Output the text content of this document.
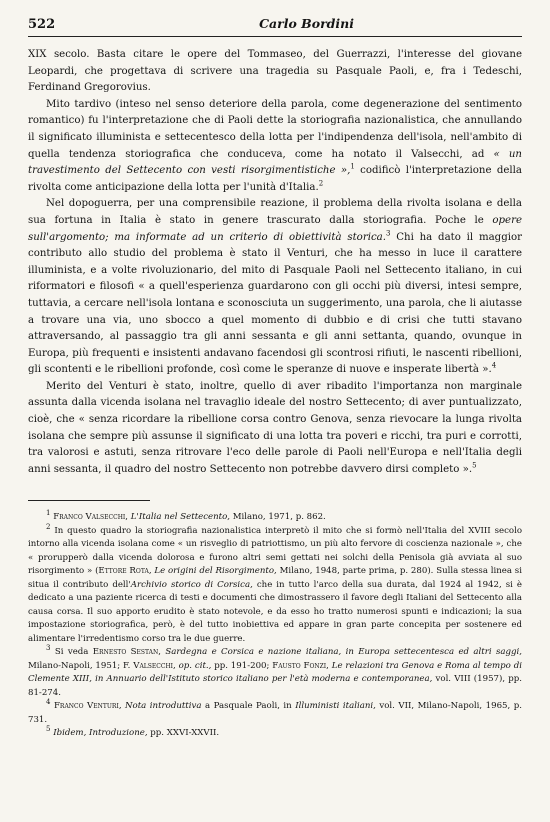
522	Carlo Bordini

XIX secolo. Basta citare le opere del Tommaseo, del Guerrazzi, l'interesse del giovane Leopardi, che progettava di scrivere una tragedia su Pasquale Paoli, e, fra i Tedeschi, Ferdinand Gregorovius.

Mito tardivo (inteso nel senso deteriore della parola, come degenerazione del sentimento romantico) fu l'interpretazione che di Paoli dette la storiografia nazionalistica, che annullando il significato illuminista e settecentesco della lotta per l'indipendenza dell'isola, nell'ambito di quella tendenza storiografica che conduceva, come ha notato il Valsecchi, ad « un travestimento del Settecento con vesti risorgimentistiche »,$^1$ codificò l'interpretazione della rivolta come anticipazione della lotta per l'unità d'Italia.$^2$

Nel dopoguerra, per una comprensibile reazione, il problema della rivolta isolana e della sua fortuna in Italia è stato in genere trascurato dalla storiografia. Poche le opere sull'argomento; ma informate ad un criterio di obiettività storica.$^3$ Chi ha dato il maggior contributo allo studio del problema è stato il Venturi, che ha messo in luce il carattere illuminista, e a volte rivoluzionario, del mito di Pasquale Paoli nel Settecento italiano, in cui riformatori e filosofi « a quell'esperienza guardarono con gli occhi più diversi, intesi sempre, tuttavia, a cercare nell'isola lontana e sconosciuta un suggerimento, una parola, che li aiutasse a trovare una via, uno sbocco a quel momento di dubbio e di crisi che tutti stavano attraversando, al passaggio tra gli anni sessanta e gli anni settanta, quando, ovunque in Europa, più frequenti e insistenti andavano facendosi gli scontrosi rifiuti, le nascenti ribellioni, gli scontenti e le ribellioni profonde, così come le speranze di nuove e insperate libertà ».$^4$

Merito del Venturi è stato, inoltre, quello di aver ribadito l'importanza non marginale assunta dalla vicenda isolana nel travaglio ideale del nostro Settecento; di aver puntualizzato, cioè, che « senza ricordare la ribellione corsa contro Genova, senza rievocare la lunga rivolta isolana che sempre più assunse il significato di una lotta tra poveri e ricchi, tra puri e corrotti, tra valorosi e astuti, senza ritrovare l'eco delle parole di Paoli nell'Europa e nell'Italia degli anni sessanta, il quadro del nostro Settecento non potrebbe davvero dirsi completo ».$^5$

$^1$ Franco Valsecchi, L'Italia nel Settecento, Milano, 1971, p. 862.

$^2$ In questo quadro la storiografia nazionalistica interpretò il mito che si formò nell'Italia del XVIII secolo intorno alla vicenda isolana come « un risveglio di patriottismo, un più alto fervore di coscienza nazionale », che « prorupperò dalla vicenda dolorosa e furono altri semi gettati nei solchi della Penisola già avviata al suo risorgimento » (Ettore Rota, Le origini del Risorgimento, Milano, 1948, parte prima, p. 280). Sulla stessa linea si situa il contributo dell'Archivio storico di Corsica, che in tutto l'arco della sua durata, dal 1924 al 1942, si è dedicato a una paziente ricerca di testi e documenti che dimostrassero il favore degli Italiani del Settecento alla causa corsa. Il suo apporto erudito è stato notevole, e da esso ho tratto numerosi spunti e indicazioni; la sua impostazione storiografica, però, è del tutto inobiettiva ed appare in gran parte concepita per sostenere ed alimentare l'irredentismo corso tra le due guerre.

$^3$ Si veda Ernesto Sestan, Sardegna e Corsica e nazione italiana, in Europa settecentesca ed altri saggi, Milano-Napoli, 1951; F. Valsecchi, op. cit., pp. 191-200; Fausto Fonzi, Le relazioni tra Genova e Roma al tempo di Clemente XIII, in Annuario dell'Istituto storico italiano per l'età moderna e contemporanea, vol. VIII (1957), pp. 81-274.

$^4$ Franco Venturi, Nota introduttiva a Pasquale Paoli, in Illuministi italiani, vol. VII, Milano-Napoli, 1965, p. 731.

$^5$ Ibidem, Introduzione, pp. XXVI-XXVII.
